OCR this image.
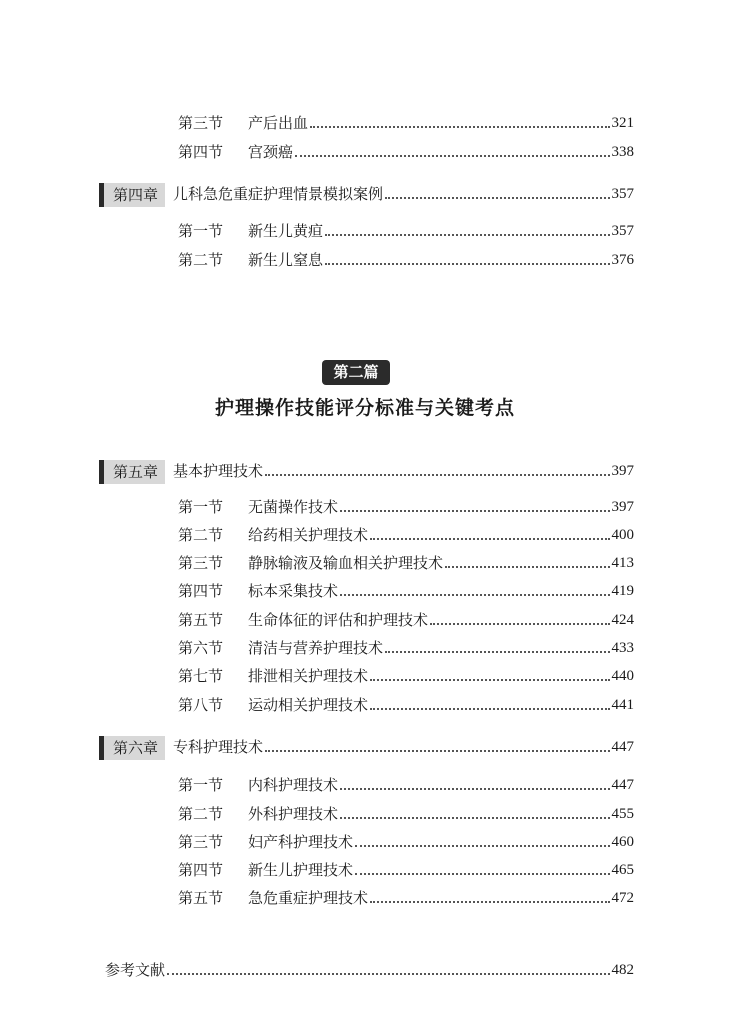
第三节	产后出血	321
第四节	宫颈癌	338
第四章	儿科急危重症护理情景模拟案例	357
第一节	新生儿黄疸	357
第二节	新生儿窒息	376
第二篇
护理操作技能评分标准与关键考点
第五章	基本护理技术	397
第一节	无菌操作技术	397
第二节	给药相关护理技术	400
第三节	静脉输液及输血相关护理技术	413
第四节	标本采集技术	419
第五节	生命体征的评估和护理技术	424
第六节	清洁与营养护理技术	433
第七节	排泄相关护理技术	440
第八节	运动相关护理技术	441
第六章	专科护理技术	447
第一节	内科护理技术	447
第二节	外科护理技术	455
第三节	妇产科护理技术	460
第四节	新生儿护理技术	465
第五节	急危重症护理技术	472
参考文献	482
